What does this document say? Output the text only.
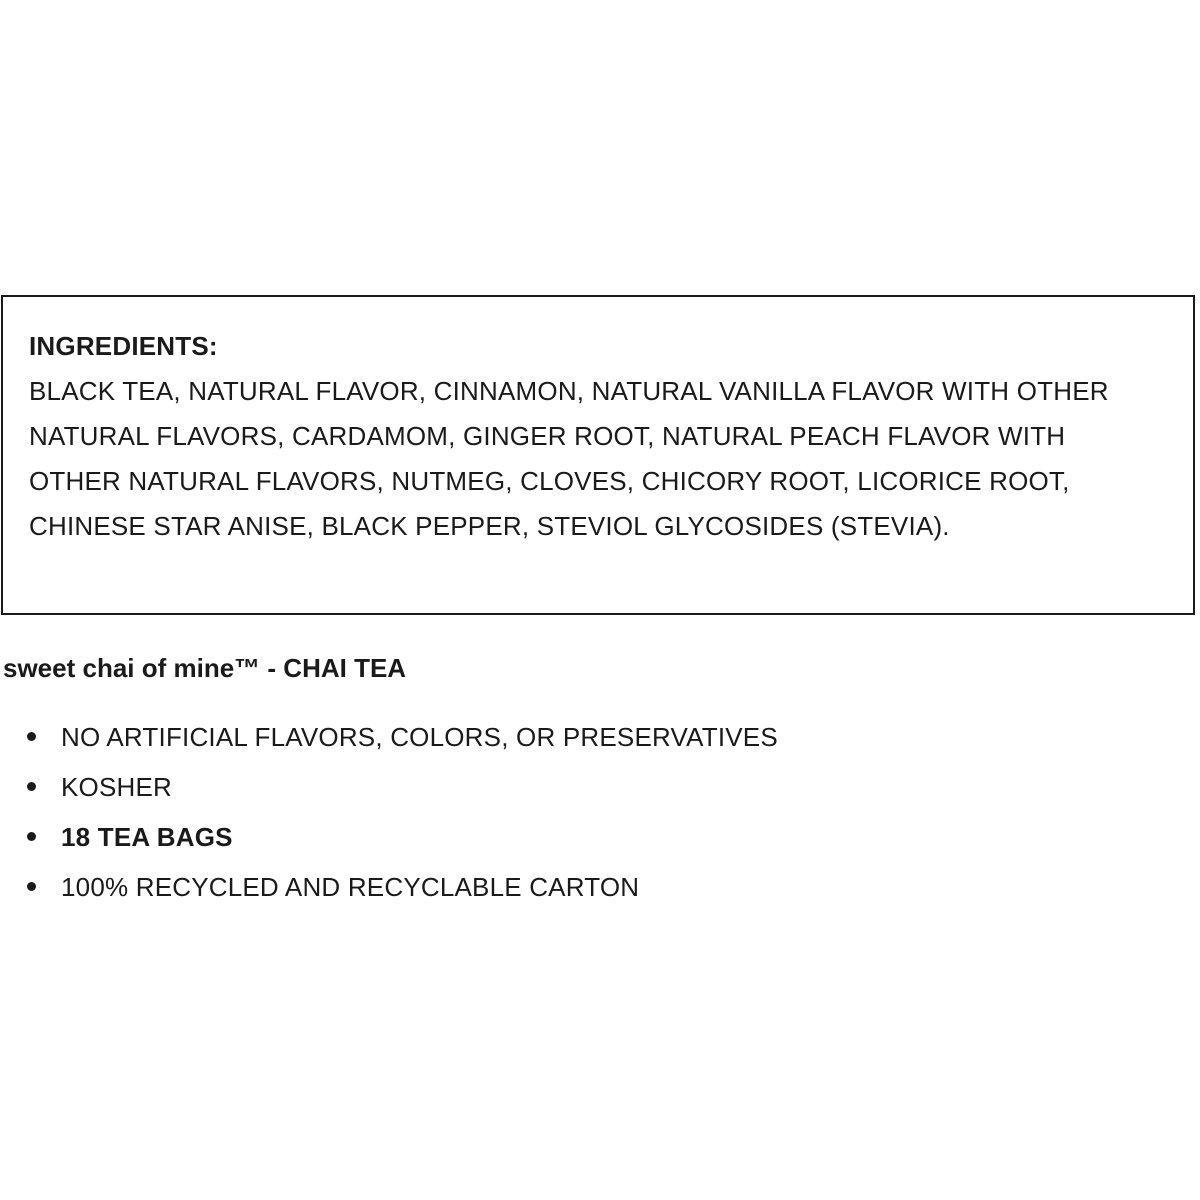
INGREDIENTS:

BLACK TEA, NATURAL FLAVOR, CINNAMON, NATURAL VANILLA FLAVOR WITH OTHER NATURAL FLAVORS, CARDAMOM, GINGER ROOT, NATURAL PEACH FLAVOR WITH OTHER NATURAL FLAVORS, NUTMEG, CLOVES, CHICORY ROOT, LICORICE ROOT, CHINESE STAR ANISE, BLACK PEPPER, STEVIOL GLYCOSIDES (STEVIA).

sweet chai of mine™ - CHAI TEA
NO ARTIFICIAL FLAVORS, COLORS, OR PRESERVATIVES
KOSHER
18 TEA BAGS
100% RECYCLED AND RECYCLABLE CARTON
